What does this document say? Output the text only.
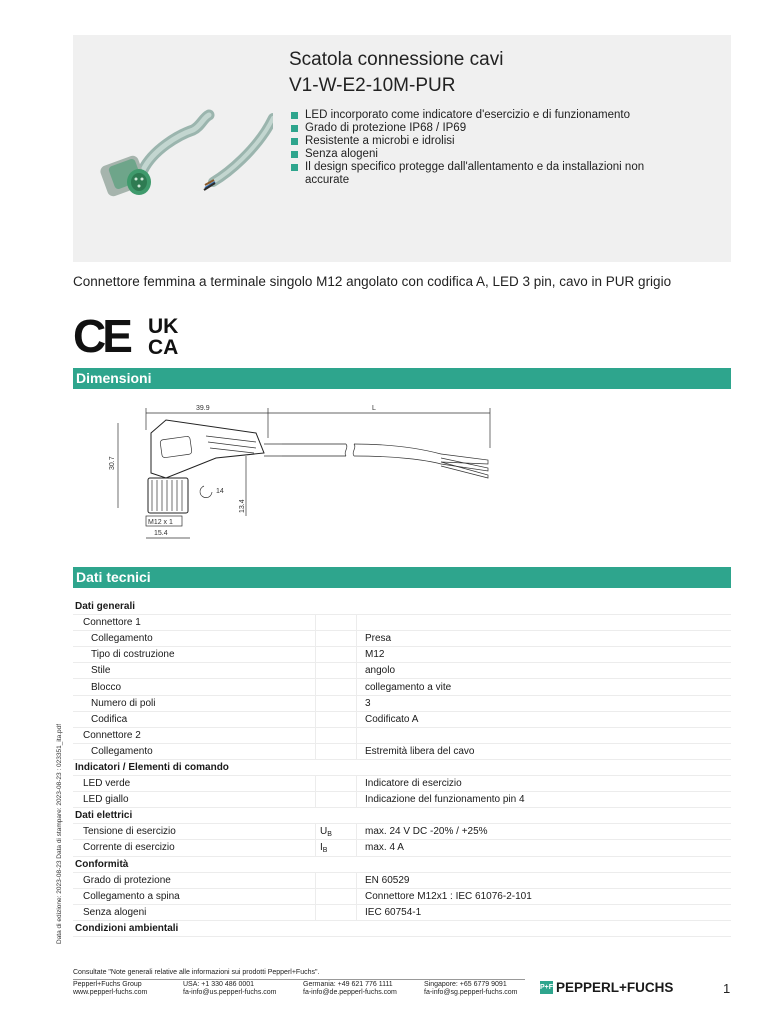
Scatola connessione cavi
V1-W-E2-10M-PUR
LED incorporato come indicatore d'esercizio e di funzionamento
Grado di protezione IP68 / IP69
Resistente a microbi e idrolisi
Senza alogeni
Il design specifico protegge dall'allentamento e da installazioni non accurate

Connettore femmina a terminale singolo M12 angolato con codifica A, LED 3 pin, cavo in PUR grigio

CE UK
CA
Dimensioni
39.9	L
30.7
M12 x 1
15.4
14
13.4
Dati tecnici
Dati generali		
Connettore 1		
Collegamento		Presa
Tipo di costruzione		M12
Stile		angolo
Blocco		collegamento a vite
Numero di poli		3
Codifica		Codificato A
Connettore 2		
Collegamento		Estremità libera del cavo
Indicatori / Elementi di comando		
LED verde		Indicatore di esercizio
LED giallo		Indicazione del funzionamento pin 4
Dati elettrici		
Tensione di esercizio	$U_B$	max. 24 V DC -20% / +25%
Corrente di esercizio	$I_B$	max. 4 A
Conformità		
Grado di protezione		EN 60529
Collegamento a spina		Connettore M12x1 : IEC 61076-2-101
Senza alogeni		IEC 60754-1
Condizioni ambientali		
Data di edizione: 2023-08-23 Data di stampare: 2023-08-23 : 023351_ita.pdf
Consultate "Note generali relative alle informazioni sui prodotti Pepperl+Fuchs".
Pepperl+Fuchs Group
www.pepperl-fuchs.com
USA: +1 330 486 0001
fa-info@us.pepperl-fuchs.com
Germania: +49 621 776 1111
fa-info@de.pepperl-fuchs.com
Singapore: +65 6779 9091
fa-info@sg.pepperl-fuchs.com
P+F PEPPERL+FUCHS	1
